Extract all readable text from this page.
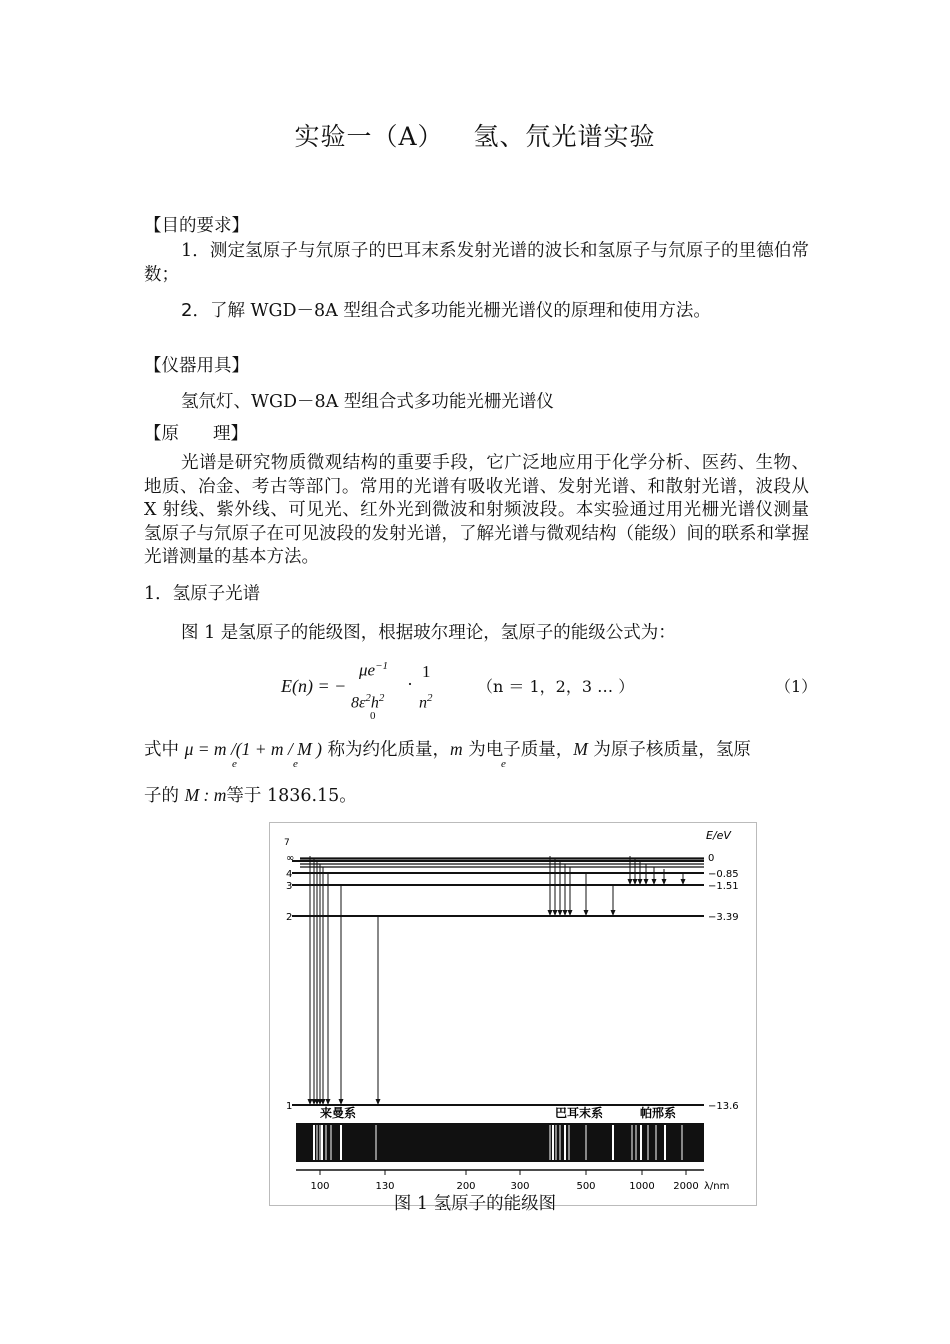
实验一（A） 氢、氘光谱实验
【目的要求】
1．测定氢原子与氘原子的巴耳末系发射光谱的波长和氢原子与氘原子的里德伯常数；
2．了解 WGD－8A 型组合式多功能光栅光谱仪的原理和使用方法。
【仪器用具】
氢氘灯、WGD－8A 型组合式多功能光栅光谱仪
【原 理】
光谱是研究物质微观结构的重要手段，它广泛地应用于化学分析、医药、生物、地质、冶金、考古等部门。常用的光谱有吸收光谱、发射光谱、和散射光谱，波段从 X 射线、紫外线、可见光、红外光到微波和射频波段。本实验通过用光栅光谱仪测量氢原子与氘原子在可见波段的发射光谱，了解光谱与微观结构（能级）间的联系和掌握光谱测量的基本方法。
1．氢原子光谱
图 1 是氢原子的能级图，根据玻尔理论，氢原子的能级公式为：
E(n) = −
$\mu e^{-1}$
$8\varepsilon^2h^2$
0
·
1
$n^2$
（n ＝ 1，2，3 … ）	（1）
式中 μ = m /(1 + m / M ) 称为约化质量，m 为电子质量，M 为原子核质量，氢原
e	e	e
子的 M : m等于 1836.15。
7
E/eV
∞
4
3
2
1
0
−0.85
−1.51
−3.39
−13.6
来曼系	巴耳末系	帕邢系
100	130	200	300	500	1000 2000 λ/nm
图 1 氢原子的能级图
